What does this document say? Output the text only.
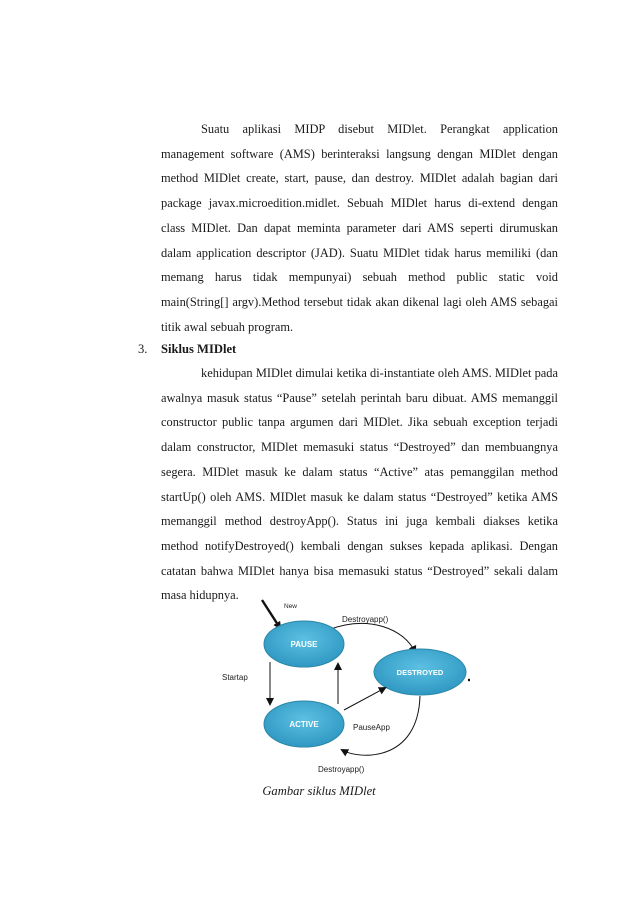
Suatu aplikasi MIDP disebut MIDlet. Perangkat application management software (AMS) berinteraksi langsung dengan MIDlet dengan method MIDlet create, start, pause, dan destroy. MIDlet adalah bagian dari package javax.microedition.midlet. Sebuah MIDlet harus di-extend dengan class MIDlet. Dan dapat meminta parameter dari AMS seperti dirumuskan dalam application descriptor (JAD). Suatu MIDlet tidak harus memiliki (dan memang harus tidak mempunyai) sebuah method public static void main(String[] argv).Method tersebut tidak akan dikenal lagi oleh AMS sebagai titik awal sebuah program.

3. Siklus MIDlet

kehidupan MIDlet dimulai ketika di-instantiate oleh AMS. MIDlet pada awalnya masuk status “Pause” setelah perintah baru dibuat. AMS memanggil constructor public tanpa argumen dari MIDlet. Jika sebuah exception terjadi dalam constructor, MIDlet memasuki status “Destroyed” dan membuangnya segera. MIDlet masuk ke dalam status “Active” atas pemanggilan method startUp() oleh AMS. MIDlet masuk ke dalam status “Destroyed” ketika AMS memanggil method destroyApp(). Status ini juga kembali diakses ketika method notifyDestroyed() kembali dengan sukses kepada aplikasi. Dengan catatan bahwa MIDlet hanya bisa memasuki status “Destroyed” sekali dalam masa hidupnya.

New
Destroyapp()
PAUSE
DESTROYED
Startap
ACTIVE	PauseApp
Destroyapp()

Gambar siklus MIDlet
